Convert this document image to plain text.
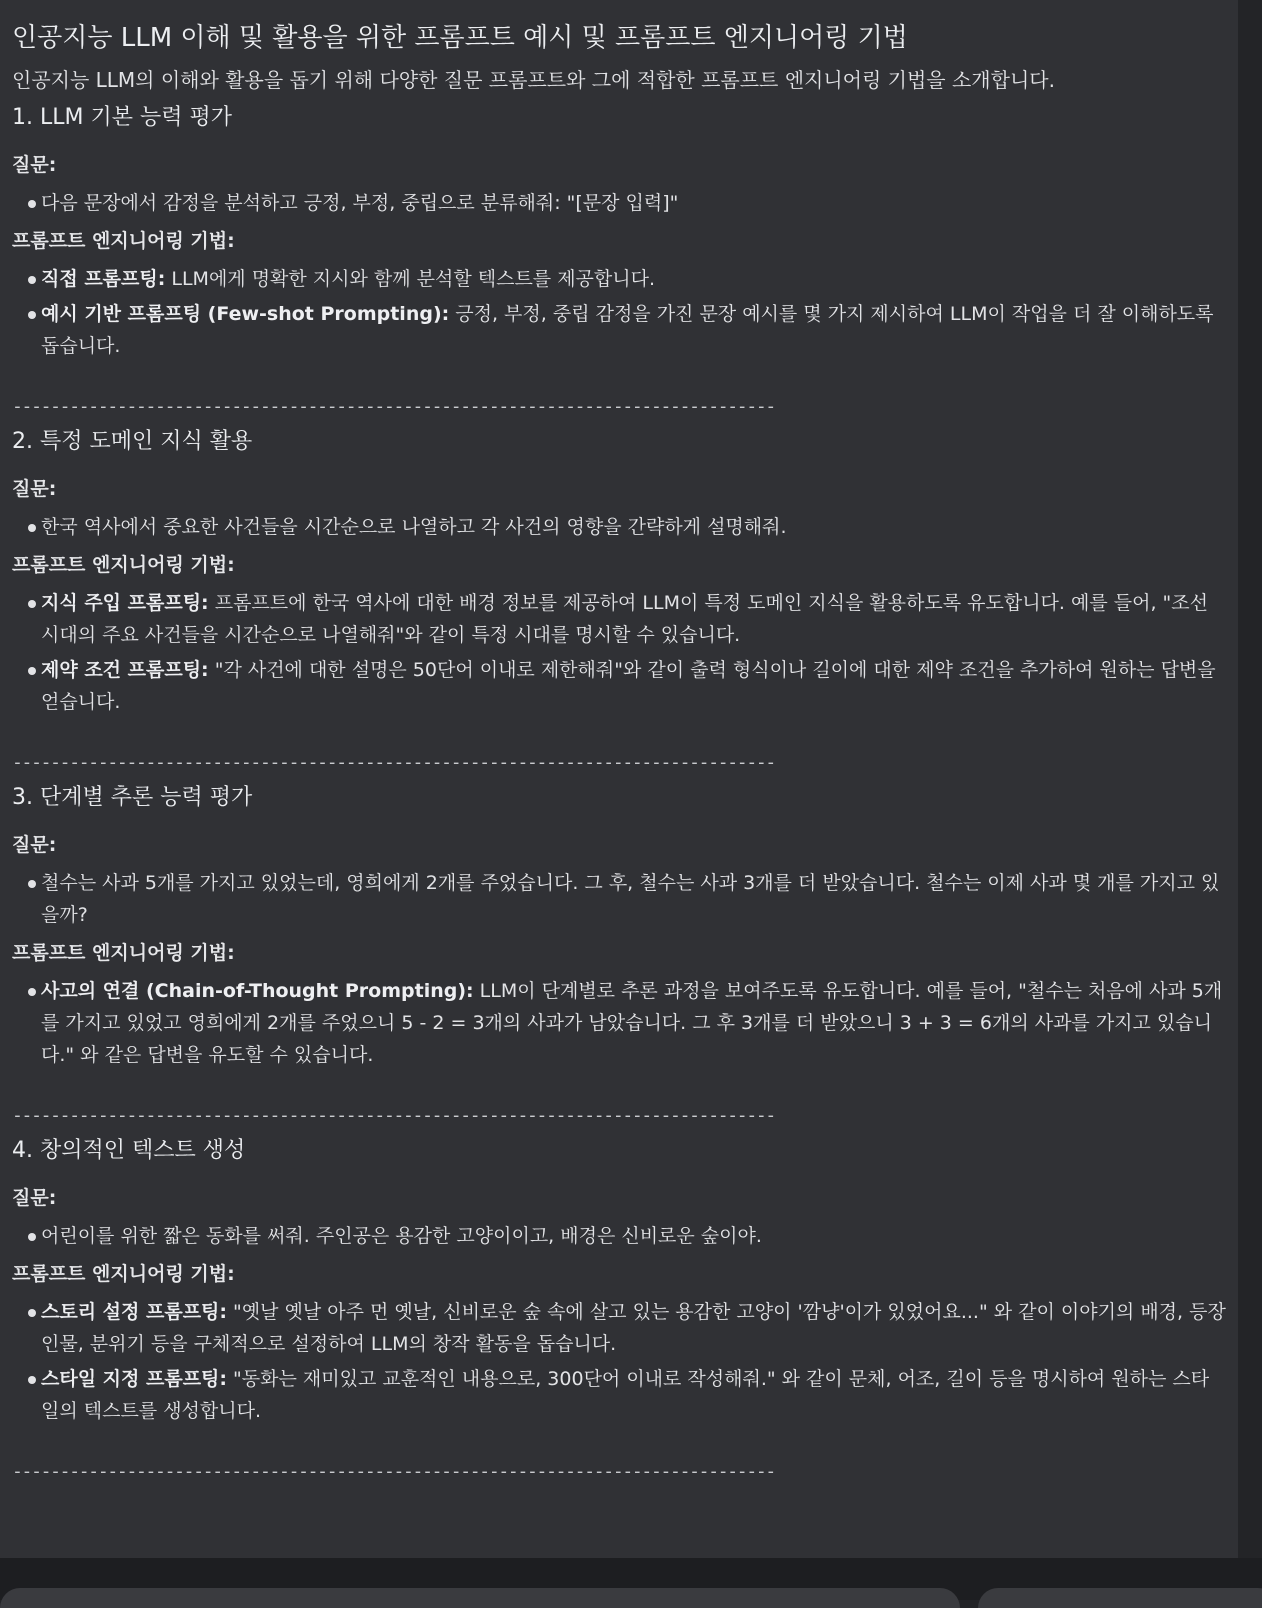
인공지능 LLM 이해 및 활용을 위한 프롬프트 예시 및 프롬프트 엔지니어링 기법

인공지능 LLM의 이해와 활용을 돕기 위해 다양한 질문 프롬프트와 그에 적합한 프롬프트 엔지니어링 기법을 소개합니다.

1. LLM 기본 능력 평가

질문:

다음 문장에서 감정을 분석하고 긍정, 부정, 중립으로 분류해줘: "[문장 입력]"

프롬프트 엔지니어링 기법:

직접 프롬프팅: LLM에게 명확한 지시와 함께 분석할 텍스트를 제공합니다.
예시 기반 프롬프팅 (Few-shot Prompting): 긍정, 부정, 중립 감정을 가진 문장 예시를 몇 가지 제시하여 LLM이 작업을 더 잘 이해하도록 돕습니다.
--------------------------------------------------------------------------------
2. 특정 도메인 지식 활용

질문:

한국 역사에서 중요한 사건들을 시간순으로 나열하고 각 사건의 영향을 간략하게 설명해줘.

프롬프트 엔지니어링 기법:

지식 주입 프롬프팅: 프롬프트에 한국 역사에 대한 배경 정보를 제공하여 LLM이 특정 도메인 지식을 활용하도록 유도합니다. 예를 들어, "조선 시대의 주요 사건들을 시간순으로 나열해줘"와 같이 특정 시대를 명시할 수 있습니다.
제약 조건 프롬프팅: "각 사건에 대한 설명은 50단어 이내로 제한해줘"와 같이 출력 형식이나 길이에 대한 제약 조건을 추가하여 원하는 답변을 얻습니다.
--------------------------------------------------------------------------------
3. 단계별 추론 능력 평가

질문:

철수는 사과 5개를 가지고 있었는데, 영희에게 2개를 주었습니다. 그 후, 철수는 사과 3개를 더 받았습니다. 철수는 이제 사과 몇 개를 가지고 있을까?

프롬프트 엔지니어링 기법:

사고의 연결 (Chain-of-Thought Prompting): LLM이 단계별로 추론 과정을 보여주도록 유도합니다. 예를 들어, "철수는 처음에 사과 5개를 가지고 있었고 영희에게 2개를 주었으니 5 - 2 = 3개의 사과가 남았습니다. 그 후 3개를 더 받았으니 3 + 3 = 6개의 사과를 가지고 있습니다." 와 같은 답변을 유도할 수 있습니다.
--------------------------------------------------------------------------------
4. 창의적인 텍스트 생성

질문:

어린이를 위한 짧은 동화를 써줘. 주인공은 용감한 고양이이고, 배경은 신비로운 숲이야.

프롬프트 엔지니어링 기법:

스토리 설정 프롬프팅: "옛날 옛날 아주 먼 옛날, 신비로운 숲 속에 살고 있는 용감한 고양이 '깜냥'이가 있었어요..." 와 같이 이야기의 배경, 등장 인물, 분위기 등을 구체적으로 설정하여 LLM의 창작 활동을 돕습니다.
스타일 지정 프롬프팅: "동화는 재미있고 교훈적인 내용으로, 300단어 이내로 작성해줘." 와 같이 문체, 어조, 길이 등을 명시하여 원하는 스타일의 텍스트를 생성합니다.
--------------------------------------------------------------------------------
